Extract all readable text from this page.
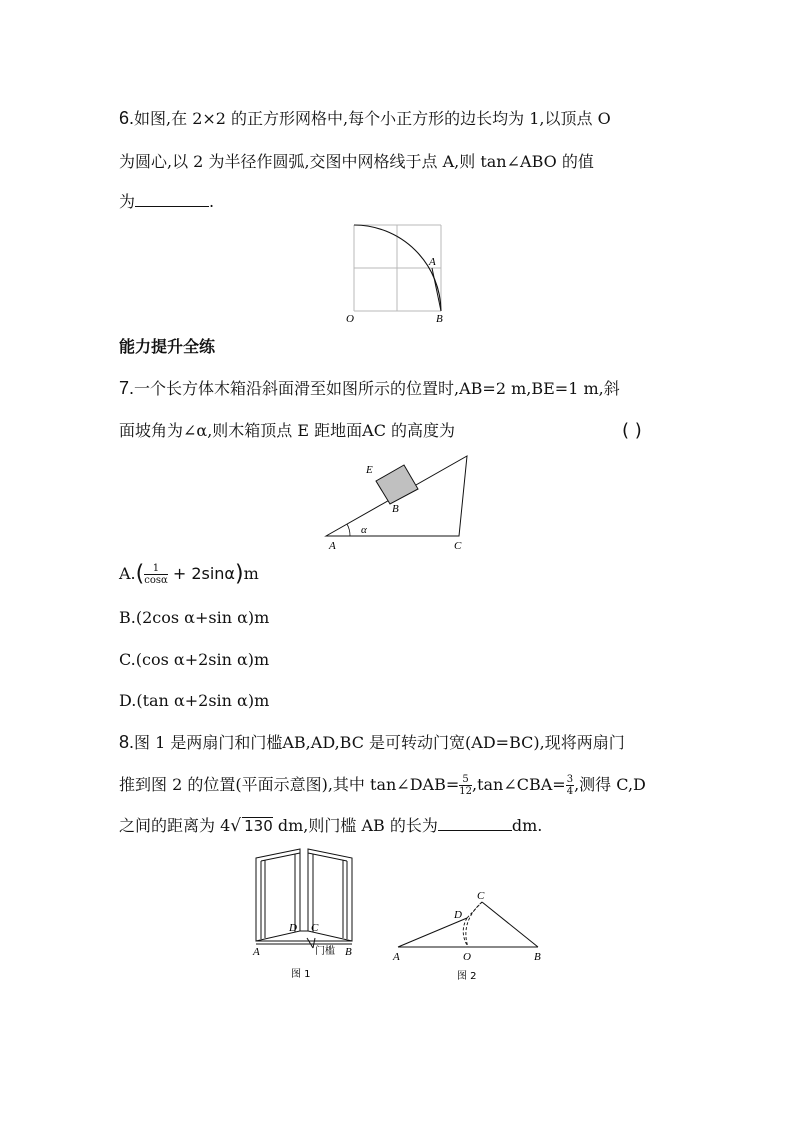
6.如图,在 2×2 的正方形网格中,每个小正方形的边长均为 1,以顶点 O
为圆心,以 2 为半径作圆弧,交图中网格线于点 A,则 tan∠ABO 的值
为	.
A
O	B
能力提升全练
7.一个长方体木箱沿斜面滑至如图所示的位置时,AB=2 m,BE=1 m,斜
面坡角为∠α,则木箱顶点 E 距地面AC 的高度为	( )
E
B
α
A	C
$A.( \frac{1}{\cos\alpha} + 2\sin\alpha)m$
B.(2cos α+sin α)m
C.(cos α+2sin α)m
D.(tan α+2sin α)m
8.图 1 是两扇门和门槛AB,AD,BC 是可转动门宽(AD=BC),现将两扇门
推到图 2 的位置(平面示意图),其中 tan∠DAB= $\frac{5}{12}$ ,tan∠CBA= $\frac{3}{4}$ ,测得 C,D
之间的距离为 4√ 130 dm,则门槛 AB 的长为	dm.
D C
A	B
门槛
图 1
D
C
A	O	B
图 2
